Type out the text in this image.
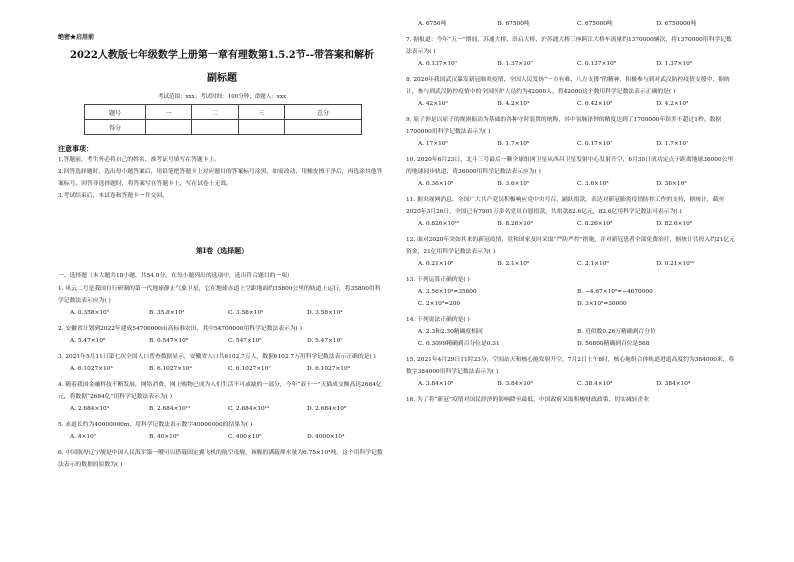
绝密★启用前
2022人教版七年级数学上册第一章有理数第1.5.2节--带答案和解析
副标题
考试范围：xxx；考试时间：100分钟；命题人：xxx
题号	一	二	三	总分
得分				
注意事项：
1.答题前，考生务必将自己的姓名、准考证号填写在答题卡上。
2.回答选择题时，选出每小题答案后，用铅笔把答题卡上对应题目的答案标号涂黑。如需改动，用橡皮擦干净后，再选涂其他答案标号。回答非选择题时，将答案写在答题卡上，写在试卷上无效。
3.考试结束后，本试卷和答题卡一并交回。
第I卷（选择题）
一、选择题（本大题共18小题，共54.0分。在每小题列出的选项中，选出符合题目的一项）
1. 风云二号是我国自行研制的第一代地球静止气象卫星，它在地球赤道上空距地面约35800公里的轨道上运行，将35800用科学记数法表示应为( )
A. 0.358×10⁵	B. 35.8×10³	C. 3.58×10⁵	D. 3.58×10⁴
2. 安徽省计划到2022年建成54700000亩高标准农田，其中54700000用科学记数法表示为( )
A. 5.47×10⁸	B. 0.547×10⁸	C. 547×10⁵	D. 5.47×10⁷
3. 2021年5月11日第七次全国人口普查数据显示，安徽省人口共6102.7万人，数据6102.7万用科学记数法表示正确的是( )
A. 6.1027×10³	B. 6.1027×10⁴	C. 6.1027×10⁷	D. 6.1027×10⁸
4. 随着我国金融科技不断发展，网络消费、网上购物已成为人们生活不可或缺的一部分，今年“双十一”天猫成交额高达2684亿元，将数据“2684亿”用科学记数法表示为( )
A. 2.684×10³	B. 2.684×10¹¹	C. 2.684×10¹²	D. 2.684×10⁸
5. 赤道长约为40000000m，用科学记数法表示数字40000000的结果为( )
A. 4×10⁷	B. 40×10⁶	C. 400×10⁵	D. 4000×10⁴
6. 中国航母辽宁舰是中国人民海军第一艘可以搭载固定翼飞机的航空母舰，该舰的满载排水量为6.75×10⁴吨，这个用科学记数法表示的数据的原数为( )
A. 6750吨	B. 67500吨	C. 675000吨	D. 6750000吨
7. 据报道：今年“五一”期间，苏通大桥、崇启大桥、沪苏通大桥三座跨江大桥车流量约1370000辆次，将1370000用科学记数法表示为( )
A. 0.137×10⁷	B. 1.37×10⁷	C. 0.137×10⁶	D. 1.37×10⁶
8. 2020年我国武汉暴发新冠肺炎疫情，全国人民发扬“一方有难、八方支援”的精神，积极参与到对武汉防控疫情支援中，据统计，参与到武汉防控疫情中的全国医护人员约为42000人，将42000这个数用科学记数法表示正确的是( )
A. 42×10³	B. 4.2×10⁴	C. 0.42×10⁵	D. 4.2×10³
9. 原子钟是以原子的规则振动为基础的各种守时装置的统称，其中氢脉泽钟的精度达到了1700000年误差不超过1秒。数据1700000用科学记数法表示为( )
A. 17×10⁵	B. 1.7×10⁶	C. 0.17×10⁷	D. 1.7×10⁷
10. 2020年6月23日，北斗三号最后一颗全球组网卫星从西昌卫星发射中心发射升空，6月30日成功定点于距离地球36000公里的地球同步轨道，将36000用科学记数法表示应为( )
A. 0.36×10⁵	B. 3.6×10⁵	C. 3.6×10⁴	D. 36×10³
11. 据央视网消息，全国广大共产党员积极响应党中央号召，踊跃捐款，表达对新冠肺炎疫情防控工作的支持，据统计，截至2020年3月26日，全国已有7901万多名党员自愿捐款，共捐款82.6亿元，82.6亿用科学记数法可表示为( )
A. 0.826×10¹⁰	B. 8.26×10⁹	C. 8.26×10⁸	D. 82.6×10⁸
12. 面对2020年突如其来的新冠疫情，党和国家及时采取“严防严控”措施，并对新冠患者全部免费治疗，据统计共投入约21亿元资金，21亿用科学记数法表示为( )
A. 0.21×10⁸	B. 2.1×10⁸	C. 2.1×10⁹	D. 0.21×10¹⁰
13. 下列运算正确的是( )
A. 3.56×10⁴=35600	B. −4.67×10⁶=−4670000
C. 2×10²=200	D. 3×10⁵=30000
14. 下列说法正确的是( )
A. 2.3和2.30精确度相同	B. 近似数0.26万精确到百分位
C. 0.3099精确到百分位是0.31	D. 56800精确到百位是568
15. 2021年4月29日11时23分，空间站天和核心舱发射升空，7月2日上午8时，核心舱组合体轨道进道高度约为384000米，将数字384000用科学记数法表示为( )
A. 3.84×10⁵	B. 3.84×10⁶	C. 38.4×10⁴	D. 384×10⁴
16. 为了将“新冠”疫情对国民经济的影响降至最低，中国政府采取积极财政政策，切实减轻企业
